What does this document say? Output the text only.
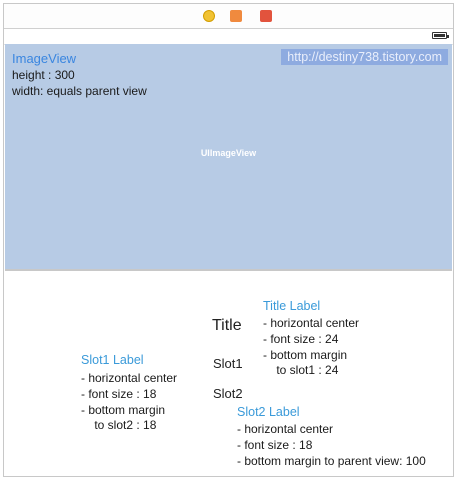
ImageView
height : 300
width: equals parent view
http://destiny738.tistory.com
UIImageView
Title Label
- horizontal center
- font size : 24
- bottom margin
to slot1 : 24
Title
Slot1
Slot2
Slot1 Label
- horizontal center
- font size : 18
- bottom margin
to slot2 : 18
Slot2 Label
- horizontal center
- font size : 18
- bottom margin to parent view: 100
